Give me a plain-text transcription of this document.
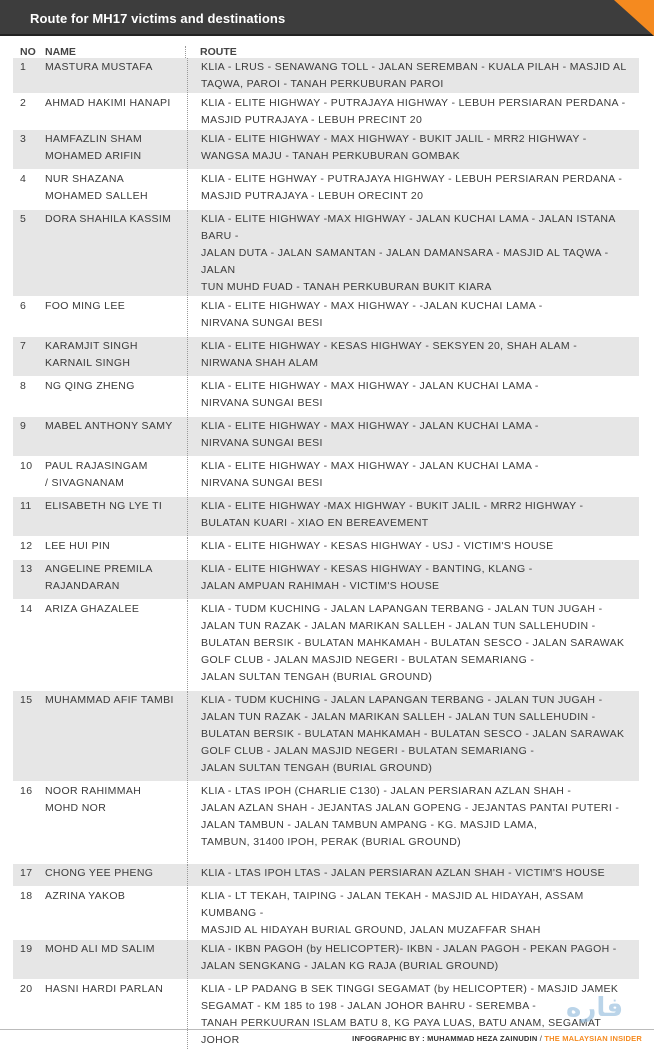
Route for MH17 victims and destinations
NO NAME	ROUTE
1	MASTURA MUSTAFA	KLIA - LRUS - SENAWANG TOLL - JALAN SEREMBAN - KUALA PILAH - MASJID AL
TAQWA, PAROI - TANAH PERKUBURAN PAROI
2	AHMAD HAKIMI HANAPI	KLIA - ELITE HIGHWAY - PUTRAJAYA HIGHWAY - LEBUH PERSIARAN PERDANA -
MASJID PUTRAJAYA - LEBUH PRECINT 20
3	HAMFAZLIN SHAM
MOHAMED ARIFIN
KLIA - ELITE HIGHWAY - MAX HIGHWAY - BUKIT JALIL - MRR2 HIGHWAY -
WANGSA MAJU - TANAH PERKUBURAN GOMBAK
4	NUR SHAZANA
MOHAMED SALLEH
KLIA - ELITE HGHWAY - PUTRAJAYA HIGHWAY - LEBUH PERSIARAN PERDANA -
MASJID PUTRAJAYA - LEBUH ORECINT 20
5	DORA SHAHILA KASSIM	KLIA - ELITE HIGHWAY -MAX HIGHWAY - JALAN KUCHAI LAMA - JALAN ISTANA BARU -
JALAN DUTA - JALAN SAMANTAN - JALAN DAMANSARA - MASJID AL TAQWA - JALAN
TUN MUHD FUAD - TANAH PERKUBURAN BUKIT KIARA
6	FOO MING LEE	KLIA - ELITE HIGHWAY - MAX HIGHWAY - -JALAN KUCHAI LAMA -
NIRVANA SUNGAI BESI
7	KARAMJIT SINGH
KARNAIL SINGH
KLIA - ELITE HIGHWAY - KESAS HIGHWAY - SEKSYEN 20, SHAH ALAM -
NIRWANA SHAH ALAM
8	NG QING ZHENG	KLIA - ELITE HIGHWAY - MAX HIGHWAY - JALAN KUCHAI LAMA -
NIRVANA SUNGAI BESI
9	MABEL ANTHONY SAMY	KLIA - ELITE HIGHWAY - MAX HIGHWAY - JALAN KUCHAI LAMA -
NIRVANA SUNGAI BESI
10	PAUL RAJASINGAM
/ SIVAGNANAM
KLIA - ELITE HIGHWAY - MAX HIGHWAY - JALAN KUCHAI LAMA -
NIRVANA SUNGAI BESI
11	ELISABETH NG LYE TI	KLIA - ELITE HIGHWAY -MAX HIGHWAY - BUKIT JALIL - MRR2 HIGHWAY -
BULATAN KUARI - XIAO EN BEREAVEMENT
12	LEE HUI PIN	KLIA - ELITE HIGHWAY - KESAS HIGHWAY - USJ - VICTIM'S HOUSE
13	ANGELINE PREMILA
RAJANDARAN
KLIA - ELITE HIGHWAY - KESAS HIGHWAY - BANTING, KLANG -
JALAN AMPUAN RAHIMAH - VICTIM'S HOUSE
14	ARIZA GHAZALEE	KLIA - TUDM KUCHING - JALAN LAPANGAN TERBANG - JALAN TUN JUGAH -
JALAN TUN RAZAK - JALAN MARIKAN SALLEH - JALAN TUN SALLEHUDIN -
BULATAN BERSIK - BULATAN MAHKAMAH - BULATAN SESCO - JALAN SARAWAK
GOLF CLUB - JALAN MASJID NEGERI - BULATAN SEMARIANG -
JALAN SULTAN TENGAH (BURIAL GROUND)
15	MUHAMMAD AFIF TAMBI	KLIA - TUDM KUCHING - JALAN LAPANGAN TERBANG - JALAN TUN JUGAH -
JALAN TUN RAZAK - JALAN MARIKAN SALLEH - JALAN TUN SALLEHUDIN -
BULATAN BERSIK - BULATAN MAHKAMAH - BULATAN SESCO - JALAN SARAWAK
GOLF CLUB - JALAN MASJID NEGERI - BULATAN SEMARIANG -
JALAN SULTAN TENGAH (BURIAL GROUND)
16	NOOR RAHIMMAH
MOHD NOR
KLIA - LTAS IPOH (CHARLIE C130) - JALAN PERSIARAN AZLAN SHAH -
JALAN AZLAN SHAH - JEJANTAS JALAN GOPENG - JEJANTAS PANTAI PUTERI -
JALAN TAMBUN - JALAN TAMBUN AMPANG - KG. MASJID LAMA,
TAMBUN, 31400 IPOH, PERAK (BURIAL GROUND)
17	CHONG YEE PHENG	KLIA - LTAS IPOH LTAS - JALAN PERSIARAN AZLAN SHAH - VICTIM'S HOUSE
18	AZRINA YAKOB	KLIA - LT TEKAH, TAIPING - JALAN TEKAH - MASJID AL HIDAYAH, ASSAM KUMBANG -
MASJID AL HIDAYAH BURIAL GROUND, JALAN MUZAFFAR SHAH
19	MOHD ALI MD SALIM	KLIA - IKBN PAGOH (by HELICOPTER)- IKBN - JALAN PAGOH - PEKAN PAGOH -
JALAN SENGKANG - JALAN KG RAJA (BURIAL GROUND)
20	HASNI HARDI PARLAN	KLIA - LP PADANG B SEK TINGGI SEGAMAT (by HELICOPTER) - MASJID JAMEK
SEGAMAT - KM 185 to 198 - JALAN JOHOR BAHRU - SEREMBA -
TANAH PERKUURAN ISLAM BATU 8, KG PAYA LUAS, BATU ANAM, SEGAMAT JOHOR	INFOGRAPHIC BY : MUHAMMAD HEZA ZAINUDIN / THE MALAYSIAN INSIDER
فاره
